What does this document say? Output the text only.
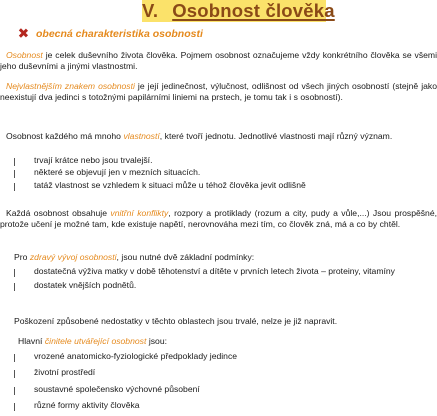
V. Osobnost člověka
obecná charakteristika osobnosti
Osobnost je celek duševního života člověka. Pojmem osobnost označujeme vždy konkrétního člověka se všemi jeho duševními a jinými vlastnostmi.
Nejvlastnějším znakem osobnosti je její jedinečnost, výlučnost, odlišnost od všech jiných osobností (stejně jako neexistují dva jedinci s totožnými papilárními liniemi na prstech, je tomu tak i s osobností).
Osobnost každého má mnoho vlastností, které tvoří jednotu. Jednotlivé vlastnosti mají různý význam.
trvají krátce nebo jsou trvalejší.
některé se objevují jen v mezních situacích.
tatáž vlastnost se vzhledem k situaci může u téhož člověka jevit odlišně
Každá osobnost obsahuje vnitřní konflikty, rozpory a protiklady (rozum a city, pudy a vůle,...) Jsou prospěšné, protože učení je možné tam, kde existuje napětí, nerovnováha mezi tím, co člověk zná, má a co by chtěl.
Pro zdravý vývoj osobnosti, jsou nutné dvě základní podmínky:
dostatečná výživa matky v době těhotenství a dítěte v prvních letech života – proteiny, vitamíny
dostatek vnějších podnětů.
Poškození způsobené nedostatky v těchto oblastech jsou trvalé, nelze je již napravit.
Hlavní činitele utvářející osobnost jsou:
vrozené anatomicko-fyziologické předpoklady jedince
životní prostředí
soustavné společensko výchovné působení
různé formy aktivity člověka
